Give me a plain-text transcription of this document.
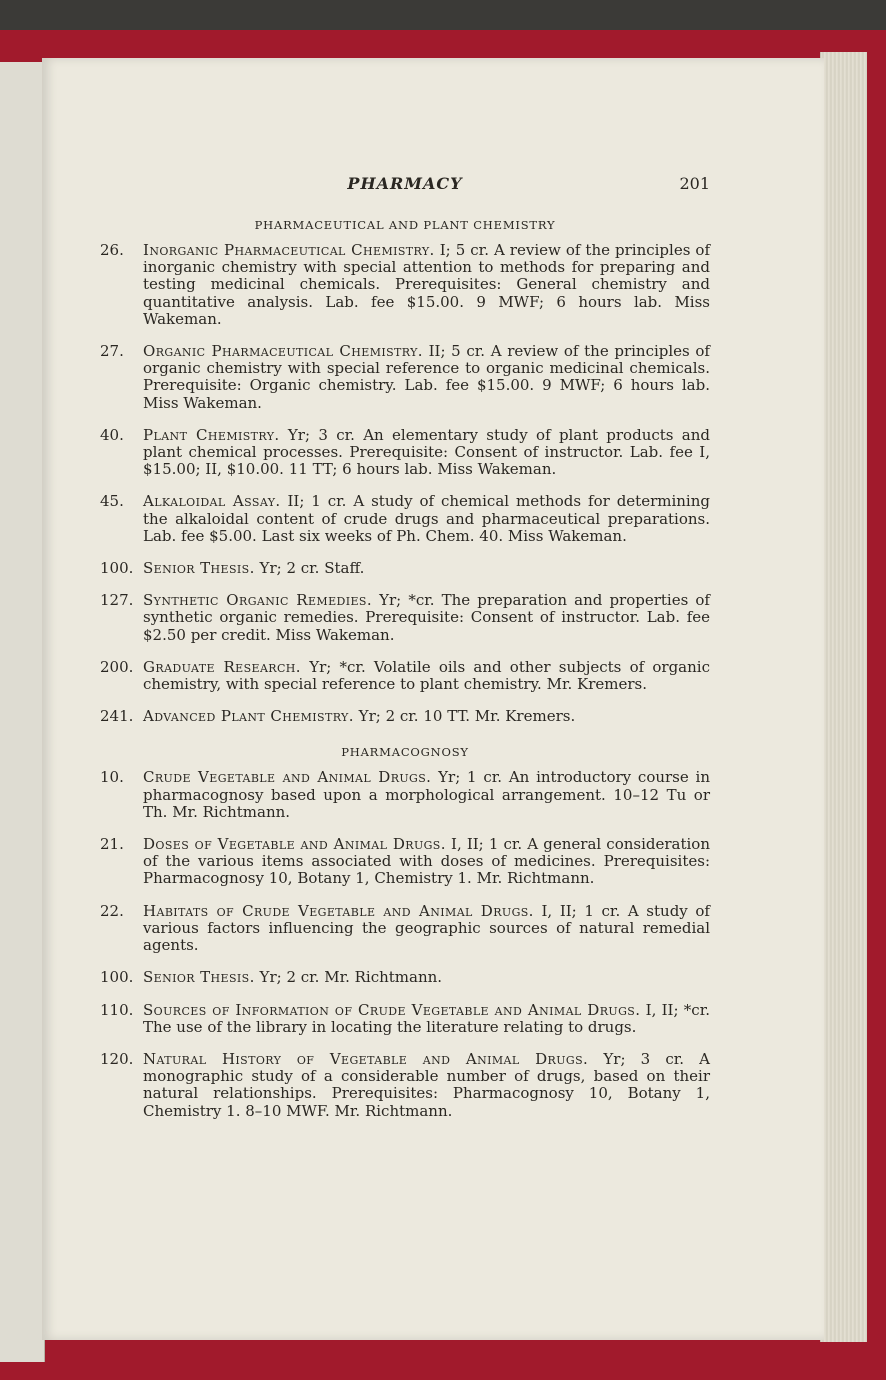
PHARMACY	201
PHARMACEUTICAL AND PLANT CHEMISTRY
26. Inorganic Pharmaceutical Chemistry. I; 5 cr. A review of the principles of inorganic chemistry with special attention to methods for preparing and testing medicinal chemicals. Prerequisites: General chemistry and quantitative analysis. Lab. fee $15.00. 9 MWF; 6 hours lab. Miss Wakeman.
27. Organic Pharmaceutical Chemistry. II; 5 cr. A review of the principles of organic chemistry with special reference to organic medicinal chemicals. Prerequisite: Organic chemistry. Lab. fee $15.00. 9 MWF; 6 hours lab. Miss Wakeman.
40. Plant Chemistry. Yr; 3 cr. An elementary study of plant products and plant chemical processes. Prerequisite: Consent of instructor. Lab. fee I, $15.00; II, $10.00. 11 TT; 6 hours lab. Miss Wakeman.
45. Alkaloidal Assay. II; 1 cr. A study of chemical methods for determining the alkaloidal content of crude drugs and pharmaceutical preparations. Lab. fee $5.00. Last six weeks of Ph. Chem. 40. Miss Wakeman.
100. Senior Thesis. Yr; 2 cr. Staff.
127. Synthetic Organic Remedies. Yr; *cr. The preparation and properties of synthetic organic remedies. Prerequisite: Consent of instructor. Lab. fee $2.50 per credit. Miss Wakeman.
200. Graduate Research. Yr; *cr. Volatile oils and other subjects of organic chemistry, with special reference to plant chemistry. Mr. Kremers.
241. Advanced Plant Chemistry. Yr; 2 cr. 10 TT. Mr. Kremers.
PHARMACOGNOSY
10. Crude Vegetable and Animal Drugs. Yr; 1 cr. An introductory course in pharmacognosy based upon a morphological arrangement. 10–12 Tu or Th. Mr. Richtmann.
21. Doses of Vegetable and Animal Drugs. I, II; 1 cr. A general consideration of the various items associated with doses of medicines. Prerequisites: Pharmacognosy 10, Botany 1, Chemistry 1. Mr. Richtmann.
22. Habitats of Crude Vegetable and Animal Drugs. I, II; 1 cr. A study of various factors influencing the geographic sources of natural remedial agents.
100. Senior Thesis. Yr; 2 cr. Mr. Richtmann.
110. Sources of Information of Crude Vegetable and Animal Drugs. I, II; *cr. The use of the library in locating the literature relating to drugs.
120. Natural History of Vegetable and Animal Drugs. Yr; 3 cr. A monographic study of a considerable number of drugs, based on their natural relationships. Prerequisites: Pharmacognosy 10, Botany 1, Chemistry 1. 8–10 MWF. Mr. Richtmann.
